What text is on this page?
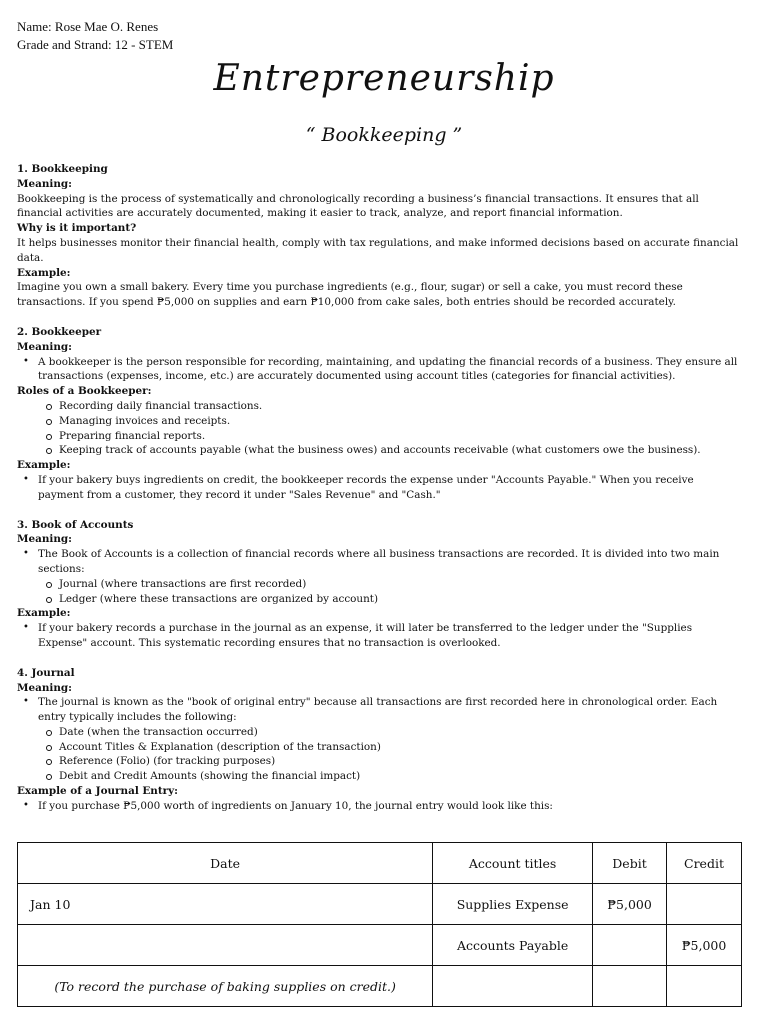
Name: Rose Mae O. Renes
Grade and Strand: 12 - STEM
Entrepreneurship
“ Bookkeeping ”

1. Bookkeeping

Meaning:

Bookkeeping is the process of systematically and chronologically recording a business’s financial transactions. It ensures that all financial activities are accurately documented, making it easier to track, analyze, and report financial information.

Why is it important?

It helps businesses monitor their financial health, comply with tax regulations, and make informed decisions based on accurate financial data.

Example:

Imagine you own a small bakery. Every time you purchase ingredients (e.g., flour, sugar) or sell a cake, you must record these transactions. If you spend ₱5,000 on supplies and earn ₱10,000 from cake sales, both entries should be recorded accurately.

2. Bookkeeper

Meaning:

• A bookkeeper is the person responsible for recording, maintaining, and updating the financial records of a business. They ensure all transactions (expenses, income, etc.) are accurately documented using account titles (categories for financial activities).

Roles of a Bookkeeper:

Recording daily financial transactions.
Managing invoices and receipts.
Preparing financial reports.
Keeping track of accounts payable (what the business owes) and accounts receivable (what customers owe the business).

Example:

• If your bakery buys ingredients on credit, the bookkeeper records the expense under "Accounts Payable." When you receive payment from a customer, they record it under "Sales Revenue" and "Cash."

3. Book of Accounts

Meaning:

• The Book of Accounts is a collection of financial records where all business transactions are recorded. It is divided into two main sections:
Journal (where transactions are first recorded)
Ledger (where these transactions are organized by account)

Example:

• If your bakery records a purchase in the journal as an expense, it will later be transferred to the ledger under the "Supplies Expense" account. This systematic recording ensures that no transaction is overlooked.

4. Journal

Meaning:

• The journal is known as the "book of original entry" because all transactions are first recorded here in chronological order. Each entry typically includes the following:
Date (when the transaction occurred)
Account Titles & Explanation (description of the transaction)
Reference (Folio) (for tracking purposes)
Debit and Credit Amounts (showing the financial impact)

Example of a Journal Entry:

• If you purchase ₱5,000 worth of ingredients on January 10, the journal entry would look like this:
Date	Account titles	Debit	Credit
Jan 10	Supplies Expense	₱5,000	
	Accounts Payable		₱5,000
(To record the purchase of baking supplies on credit.)			
